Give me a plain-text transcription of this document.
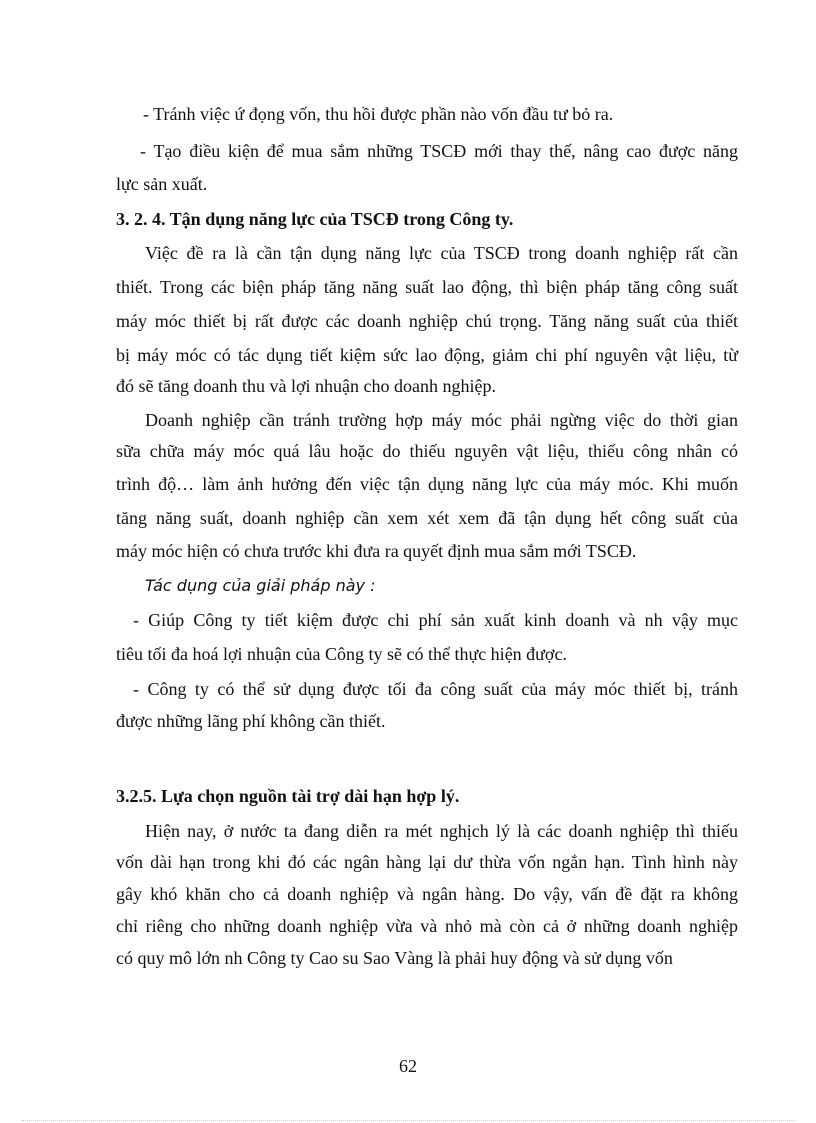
- Tránh việc ứ đọng vốn, thu hồi được phần nào vốn đầu tư bỏ ra.
- Tạo điều kiện để mua sắm những TSCĐ mới thay thế, nâng cao được năng
lực sản xuất.
3. 2. 4. Tận dụng năng lực của TSCĐ trong Công ty.
Việc đề ra là cần tận dụng năng lực của TSCĐ trong doanh nghiệp rất cần
thiết. Trong các biện pháp tăng năng suất lao động, thì biện pháp tăng công suất
máy móc thiết bị rất được các doanh nghiệp chú trọng. Tăng năng suất của thiết
bị máy móc có tác dụng tiết kiệm sức lao động, giảm chi phí nguyên vật liệu, từ
đó sẽ tăng doanh thu và lợi nhuận cho doanh nghiệp.
Doanh nghiệp cần tránh trường hợp máy móc phải ngừng việc do thời gian
sữa chữa máy móc quá lâu hoặc do thiếu nguyên vật liệu, thiếu công nhân có
trình độ… làm ảnh hưởng đến việc tận dụng năng lực của máy móc. Khi muốn
tăng năng suất, doanh nghiệp cần xem xét xem đã tận dụng hết công suất của
máy móc hiện có chưa trước khi đưa ra quyết định mua sắm mới TSCĐ.
Tác dụng của giải pháp này :
- Giúp Công ty tiết kiệm được chi phí sản xuất kinh doanh và nh vậy mục
tiêu tối đa hoá lợi nhuận của Công ty sẽ có thể thực hiện được.
- Công ty có thể sử dụng được tối đa công suất của máy móc thiết bị, tránh
được những lãng phí không cần thiết.
3.2.5. Lựa chọn nguồn tài trợ dài hạn hợp lý.
Hiện nay, ở nước ta đang diễn ra mét nghịch lý là các doanh nghiệp thì thiếu
vốn dài hạn trong khi đó các ngân hàng lại dư thừa vốn ngắn hạn. Tình hình này
gây khó khăn cho cả doanh nghiệp và ngân hàng. Do vậy, vấn đề đặt ra không
chỉ riêng cho những doanh nghiệp vừa và nhỏ mà còn cả ở những doanh nghiệp
có quy mô lớn nh Công ty Cao su Sao Vàng là phải huy động và sử dụng vốn
62
